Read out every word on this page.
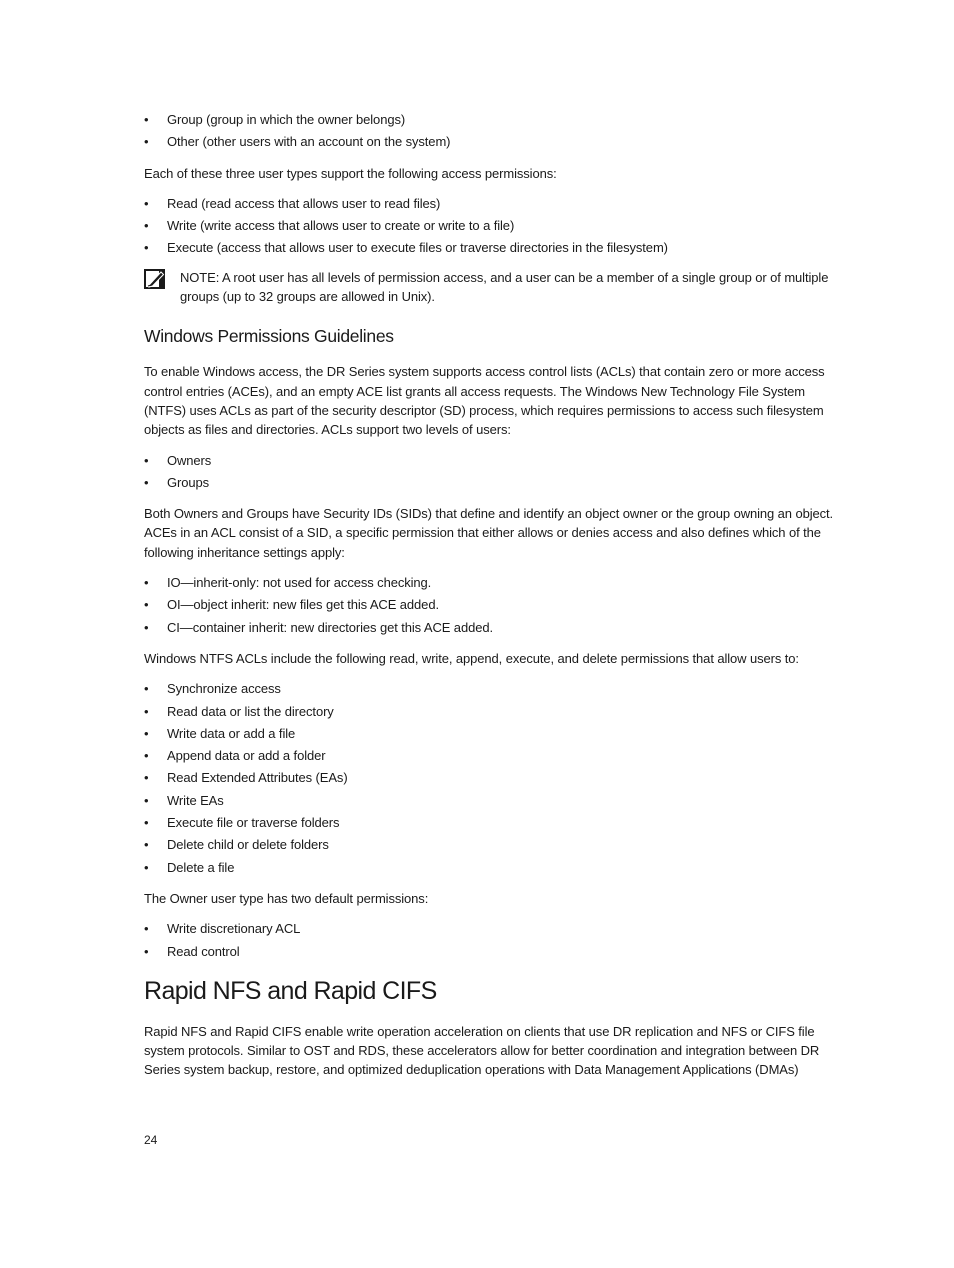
• Group (group in which the owner belongs)
• Other (other users with an account on the system)

Each of these three user types support the following access permissions:

• Read (read access that allows user to read files)
• Write (write access that allows user to create or write to a file)
• Execute (access that allows user to execute files or traverse directories in the filesystem)
NOTE: A root user has all levels of permission access, and a user can be a member of a single group or of multiple groups (up to 32 groups are allowed in Unix).
Windows Permissions Guidelines

To enable Windows access, the DR Series system supports access control lists (ACLs) that contain zero or more access control entries (ACEs), and an empty ACE list grants all access requests. The Windows New Technology File System (NTFS) uses ACLs as part of the security descriptor (SD) process, which requires permissions to access such filesystem objects as files and directories. ACLs support two levels of users:

• Owners
• Groups

Both Owners and Groups have Security IDs (SIDs) that define and identify an object owner or the group owning an object. ACEs in an ACL consist of a SID, a specific permission that either allows or denies access and also defines which of the following inheritance settings apply:

• IO—inherit-only: not used for access checking.
• OI—object inherit: new files get this ACE added.
• CI—container inherit: new directories get this ACE added.

Windows NTFS ACLs include the following read, write, append, execute, and delete permissions that allow users to:

• Synchronize access
• Read data or list the directory
• Write data or add a file
• Append data or add a folder
• Read Extended Attributes (EAs)
• Write EAs
• Execute file or traverse folders
• Delete child or delete folders
• Delete a file

The Owner user type has two default permissions:

• Write discretionary ACL
• Read control
Rapid NFS and Rapid CIFS

Rapid NFS and Rapid CIFS enable write operation acceleration on clients that use DR replication and NFS or CIFS file system protocols. Similar to OST and RDS, these accelerators allow for better coordination and integration between DR Series system backup, restore, and optimized deduplication operations with Data Management Applications (DMAs)

24
